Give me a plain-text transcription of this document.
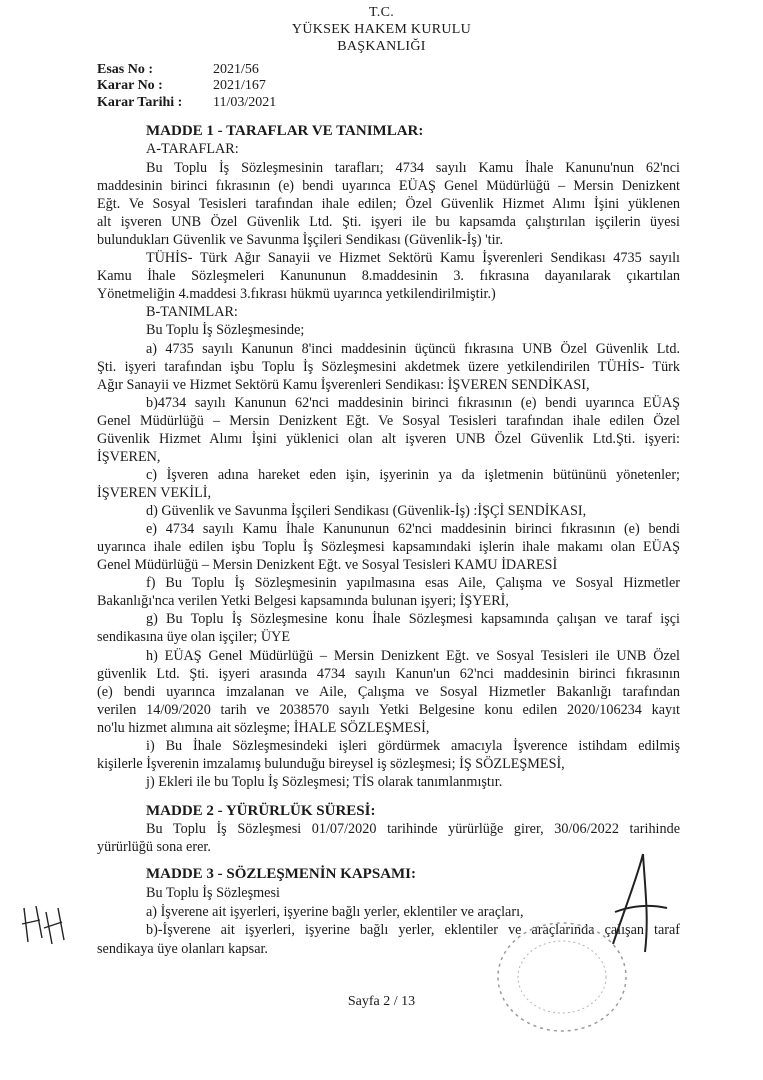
T.C.
YÜKSEK HAKEM KURULU
BAŞKANLIĞI
Esas No :	2021/56
Karar No :	2021/167
Karar Tarihi : 11/03/2021
MADDE 1 - TARAFLAR VE TANIMLAR:
A-TARAFLAR:
Bu Toplu İş Sözleşmesinin tarafları; 4734 sayılı Kamu İhale Kanunu'nun 62'nci
maddesinin birinci fıkrasının (e) bendi uyarınca EÜAŞ Genel Müdürlüğü – Mersin Denizkent
Eğt. Ve Sosyal Tesisleri tarafından ihale edilen; Özel Güvenlik Hizmet Alımı İşini yüklenen
alt işveren UNB Özel Güvenlik Ltd. Şti. işyeri ile bu kapsamda çalıştırılan işçilerin üyesi
bulundukları Güvenlik ve Savunma İşçileri Sendikası (Güvenlik-İş) 'tir.
TÜHİS- Türk Ağır Sanayii ve Hizmet Sektörü Kamu İşverenleri Sendikası 4735 sayılı
Kamu İhale Sözleşmeleri Kanununun 8.maddesinin 3. fıkrasına dayanılarak çıkartılan
Yönetmeliğin 4.maddesi 3.fıkrası hükmü uyarınca yetkilendirilmiştir.)
B-TANIMLAR:
Bu Toplu İş Sözleşmesinde;
a) 4735 sayılı Kanunun 8'inci maddesinin üçüncü fıkrasına UNB Özel Güvenlik Ltd.
Şti. işyeri tarafından işbu Toplu İş Sözleşmesini akdetmek üzere yetkilendirilen TÜHİS- Türk
Ağır Sanayii ve Hizmet Sektörü Kamu İşverenleri Sendikası: İŞVEREN SENDİKASI,
b)4734 sayılı Kanunun 62'nci maddesinin birinci fıkrasının (e) bendi uyarınca EÜAŞ
Genel Müdürlüğü – Mersin Denizkent Eğt. Ve Sosyal Tesisleri tarafından ihale edilen Özel
Güvenlik Hizmet Alımı İşini yüklenici olan alt işveren UNB Özel Güvenlik Ltd.Şti. işyeri:
İŞVEREN,
c) İşveren adına hareket eden işin, işyerinin ya da işletmenin bütününü yönetenler;
İŞVEREN VEKİLİ,
d) Güvenlik ve Savunma İşçileri Sendikası (Güvenlik-İş) :İŞÇİ SENDİKASI,
e) 4734 sayılı Kamu İhale Kanununun 62'nci maddesinin birinci fıkrasının (e) bendi
uyarınca ihale edilen işbu Toplu İş Sözleşmesi kapsamındaki işlerin ihale makamı olan EÜAŞ
Genel Müdürlüğü – Mersin Denizkent Eğt. ve Sosyal Tesisleri KAMU İDARESİ
f) Bu Toplu İş Sözleşmesinin yapılmasına esas Aile, Çalışma ve Sosyal Hizmetler
Bakanlığı'nca verilen Yetki Belgesi kapsamında bulunan işyeri; İŞYERİ,
g) Bu Toplu İş Sözleşmesine konu İhale Sözleşmesi kapsamında çalışan ve taraf işçi
sendikasına üye olan işçiler; ÜYE
h) EÜAŞ Genel Müdürlüğü – Mersin Denizkent Eğt. ve Sosyal Tesisleri ile UNB Özel
güvenlik Ltd. Şti. işyeri arasında 4734 sayılı Kanun'un 62'nci maddesinin birinci fıkrasının
(e) bendi uyarınca imzalanan ve Aile, Çalışma ve Sosyal Hizmetler Bakanlığı tarafından
verilen 14/09/2020 tarih ve 2038570 sayılı Yetki Belgesine konu edilen 2020/106234 kayıt
no'lu hizmet alımına ait sözleşme; İHALE SÖZLEŞMESİ,
i) Bu İhale Sözleşmesindeki işleri gördürmek amacıyla İşverence istihdam edilmiş
kişilerle İşverenin imzalamış bulunduğu bireysel iş sözleşmesi; İŞ SÖZLEŞMESİ,
j) Ekleri ile bu Toplu İş Sözleşmesi; TİS olarak tanımlanmıştır.
MADDE 2 - YÜRÜRLÜK SÜRESİ:
Bu Toplu İş Sözleşmesi 01/07/2020 tarihinde yürürlüğe girer, 30/06/2022 tarihinde
yürürlüğü sona erer.
MADDE 3 - SÖZLEŞMENİN KAPSAMI:
Bu Toplu İş Sözleşmesi
a) İşverene ait işyerleri, işyerine bağlı yerler, eklentiler ve araçları,
b)-İşverene ait işyerleri, işyerine bağlı yerler, eklentiler ve araçlarında çalışan taraf
sendikaya üye olanları kapsar.
Sayfa 2 / 13
